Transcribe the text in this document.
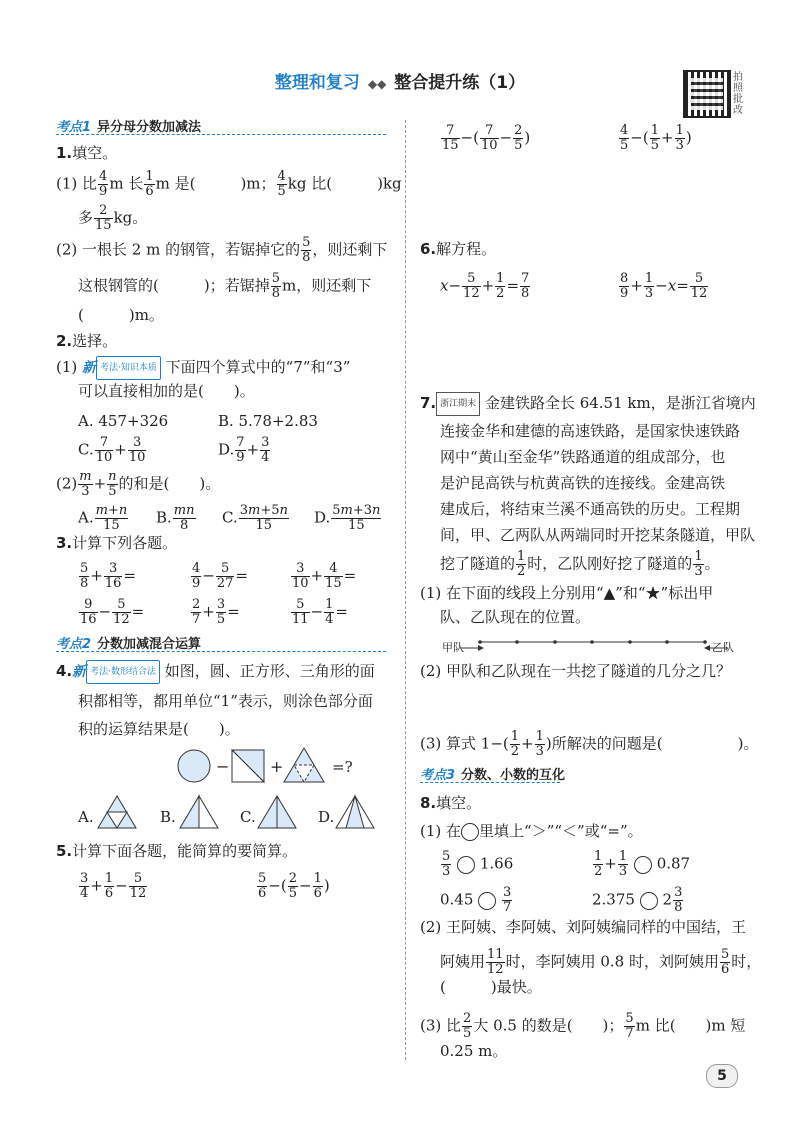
整理和复习 ◆◆ 整合提升练（1）	拍照批改
考点1 异分母分数加减法
1.填空。
(1) 比 $\frac{4}{9}$ m 长 $\frac{1}{6}$ m 是(　　　)m； $\frac{4}{5}$ kg 比(　　　)kg
多 $\frac{2}{15}$ kg。
(2) 一根长 2 m 的钢管，若锯掉它的 $\frac{5}{8}$ ，则还剩下
这根钢管的(　　　)；若锯掉 $\frac{5}{8}$ m，则还剩下
(　　　)m。
2.选择。
(1) 新 考法·知识本质 下面四个算式中的“7”和“3”
可以直接相加的是(　　)。
A. 457+326	B. 5.78+2.83
C. $\frac{7}{10} + \frac{3}{10}$	D. $\frac{7}{9} + \frac{3}{4}$
$(2) \frac{m}{3} + \frac{n}{5}$ 的和是(　　)。
A. $\frac{m+n}{15} B$. $\frac{mn}{8} C$. $\frac{3m+5n}{15} D$. $\frac{5m+3n}{15}$
3.计算下列各题。
$\frac{5}{8} + \frac{3}{16}$ =	$\frac{4}{9} - \frac{5}{27}$ =	$\frac{3}{10} + \frac{4}{15}$ =
$\frac{9}{16} - \frac{5}{12}$ =	$\frac{2}{7} + \frac{3}{5}$ =	$\frac{5}{11} - \frac{1}{4}$ =
考点2 分数加减混合运算
4.新 考法·数形结合法 如图，圆、正方形、三角形的面
积都相等，都用单位“1”表示，则涂色部分面
积的运算结果是(　　)。
−	+	=?
A.	B.	C.	D.
5.计算下面各题，能简算的要简算。
$\frac{3}{4} + \frac{1}{6} - \frac{5}{12}$	$\frac{5}{6}$ −( $\frac{2}{5} - \frac{1}{6}$ )
$\frac{7}{15}$ −( $\frac{7}{10} - \frac{2}{5}$ )	$\frac{4}{5}$ −( $\frac{1}{5} + \frac{1}{3}$ )
6.解方程。
$x- \frac{5}{12} + \frac{1}{2} = \frac{7}{8}$	$\frac{8}{9} + \frac{1}{3} -x= \frac{5}{12}$
7. 浙江期末 金建铁路全长 64.51 km，是浙江省境内
连接金华和建德的高速铁路，是国家快速铁路
网中“黄山至金华”铁路通道的组成部分，也
是沪昆高铁与杭黄高铁的连接线。金建高铁
建成后，将结束兰溪不通高铁的历史。工程期
间，甲、乙两队从两端同时开挖某条隧道，甲队
挖了隧道的 $\frac{1}{2}$ 时，乙队刚好挖了隧道的 $\frac{1}{3}$ 。
(1) 在下面的线段上分别用“▲”和“★”标出甲
队、乙队现在的位置。
甲队	乙队
(2) 甲队和乙队现在一共挖了隧道的几分之几？
(3) 算式 $1-( \frac{1}{2} + \frac{1}{3}$ )所解决的问题是(　　　　　)。
考点3 分数、小数的互化
8.填空。
(1) 在 里填上“＞”“＜”或“=”。
$\frac{5}{3} 1.66$	$\frac{1}{2} + \frac{1}{3} 0.87$
$0.45 \frac{3}{7}$	2.375 $2 \frac{3}{8}$
(2) 王阿姨、李阿姨、刘阿姨编同样的中国结，王
阿姨用 $\frac{11}{12}$ 时，李阿姨用 0.8 时，刘阿姨用 $\frac{5}{6}$ 时，
(　　　)最快。
(3) 比 $\frac{2}{5}$ 大 0.5 的数是(　　)； $\frac{5}{7}$ m 比(　　)m 短
0.25 m。
5
